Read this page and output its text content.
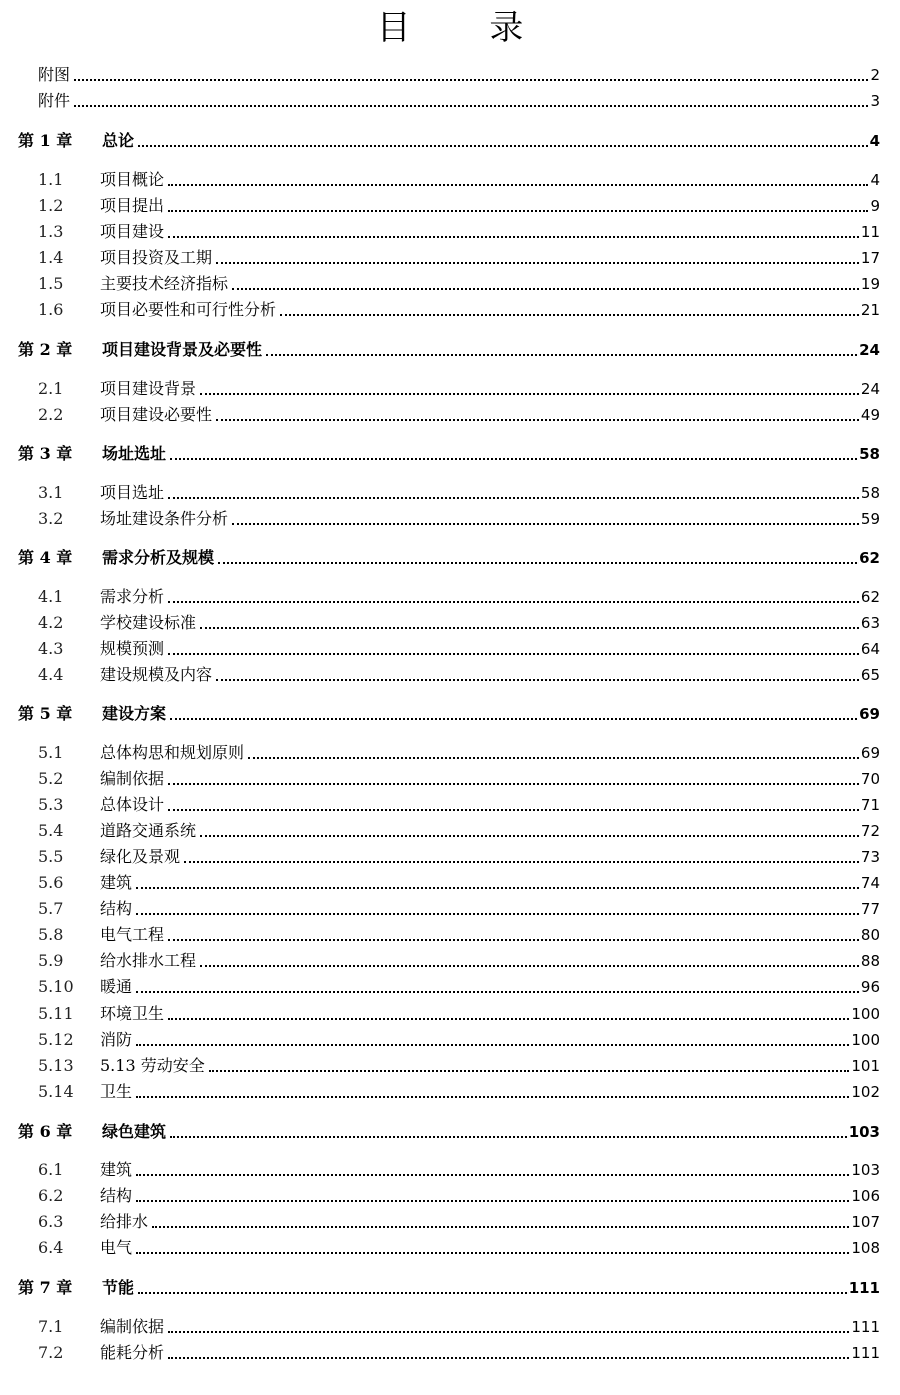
目 录
附图	2
附件	3
第 1 章	总论	4
1.1	项目概论	4
1.2	项目提出	9
1.3	项目建设	11
1.4	项目投资及工期	17
1.5	主要技术经济指标	19
1.6	项目必要性和可行性分析	21
第 2 章	项目建设背景及必要性	24
2.1	项目建设背景	24
2.2	项目建设必要性	49
第 3 章	场址选址	58
3.1	项目选址	58
3.2	场址建设条件分析	59
第 4 章	需求分析及规模	62
4.1	需求分析	62
4.2	学校建设标准	63
4.3	规模预测	64
4.4	建设规模及内容	65
第 5 章	建设方案	69
5.1	总体构思和规划原则	69
5.2	编制依据	70
5.3	总体设计	71
5.4	道路交通系统	72
5.5	绿化及景观	73
5.6	建筑	74
5.7	结构	77
5.8	电气工程	80
5.9	给水排水工程	88
5.10	暖通	96
5.11	环境卫生	100
5.12	消防	100
5.13	5.13 劳动安全	101
5.14	卫生	102
第 6 章	绿色建筑	103
6.1	建筑	103
6.2	结构	106
6.3	给排水	107
6.4	电气	108
第 7 章	节能	111
7.1	编制依据	111
7.2	能耗分析	111
